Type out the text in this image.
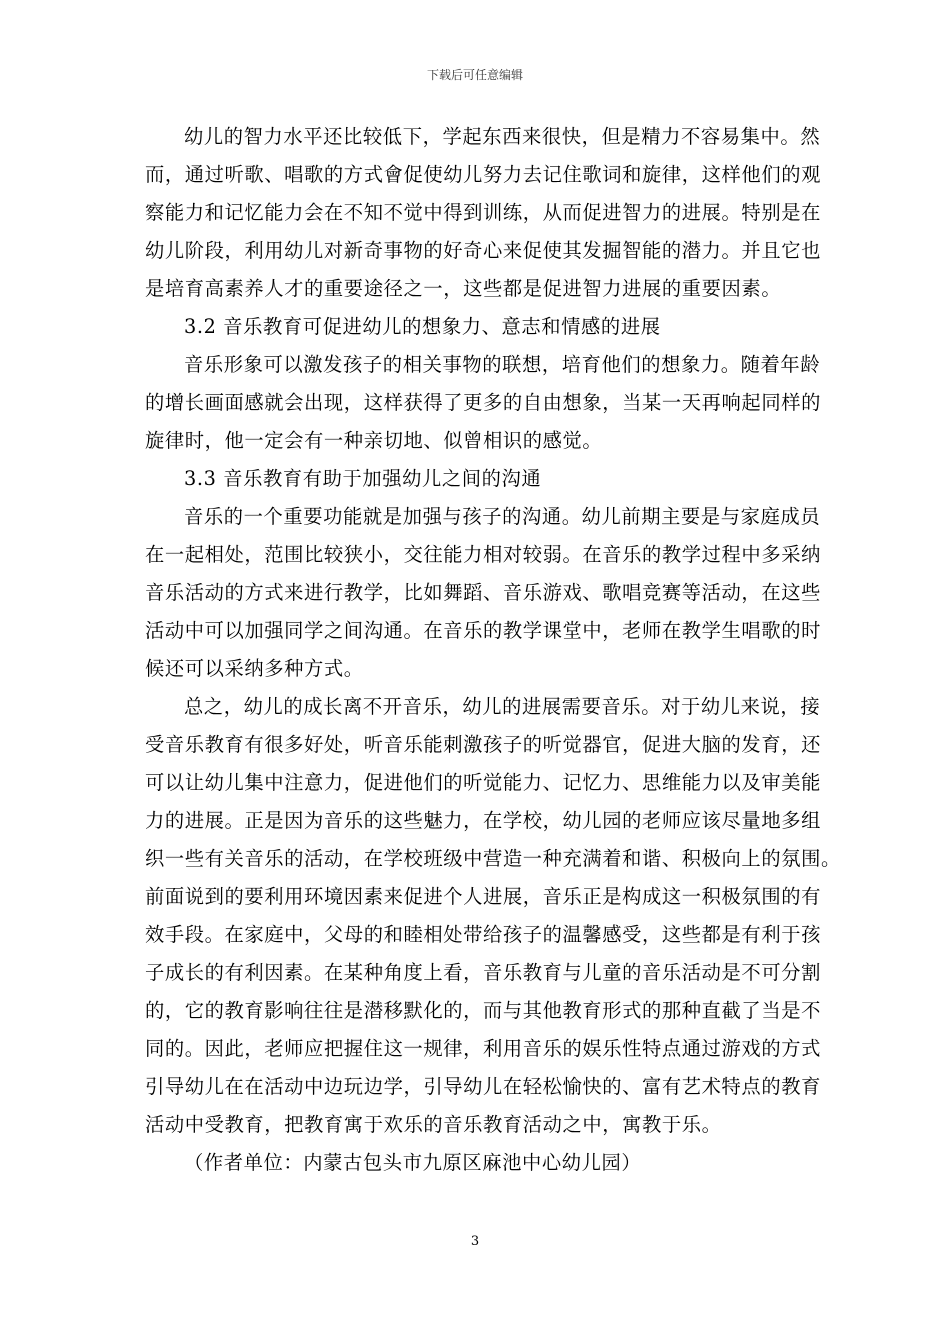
下载后可任意编辑
幼儿的智力水平还比较低下，学起东西来很快，但是精力不容易集中。然
而，通过听歌、唱歌的方式會促使幼儿努力去记住歌词和旋律，这样他们的观
察能力和记忆能力会在不知不觉中得到训练，从而促进智力的进展。特别是在
幼儿阶段，利用幼儿对新奇事物的好奇心来促使其发掘智能的潜力。并且它也
是培育高素养人才的重要途径之一，这些都是促进智力进展的重要因素。
3.2 音乐教育可促进幼儿的想象力、意志和情感的进展
音乐形象可以激发孩子的相关事物的联想，培育他们的想象力。随着年龄
的增长画面感就会出现，这样获得了更多的自由想象，当某一天再响起同样的
旋律时，他一定会有一种亲切地、似曾相识的感觉。
3.3 音乐教育有助于加强幼儿之间的沟通
音乐的一个重要功能就是加强与孩子的沟通。幼儿前期主要是与家庭成员
在一起相处，范围比较狭小，交往能力相对较弱。在音乐的教学过程中多采纳
音乐活动的方式来进行教学，比如舞蹈、音乐游戏、歌唱竞赛等活动，在这些
活动中可以加强同学之间沟通。在音乐的教学课堂中，老师在教学生唱歌的时
候还可以采纳多种方式。
总之，幼儿的成长离不开音乐，幼儿的进展需要音乐。对于幼儿来说，接
受音乐教育有很多好处，听音乐能刺激孩子的听觉器官，促进大脑的发育，还
可以让幼儿集中注意力，促进他们的听觉能力、记忆力、思维能力以及审美能
力的进展。正是因为音乐的这些魅力，在学校，幼儿园的老师应该尽量地多组
织一些有关音乐的活动，在学校班级中营造一种充满着和谐、积极向上的氛围。
前面说到的要利用环境因素来促进个人进展，音乐正是构成这一积极氛围的有
效手段。在家庭中，父母的和睦相处带给孩子的温馨感受，这些都是有利于孩
子成长的有利因素。在某种角度上看，音乐教育与儿童的音乐活动是不可分割
的，它的教育影响往往是潜移默化的，而与其他教育形式的那种直截了当是不
同的。因此，老师应把握住这一规律，利用音乐的娱乐性特点通过游戏的方式
引导幼儿在在活动中边玩边学，引导幼儿在轻松愉快的、富有艺术特点的教育
活动中受教育，把教育寓于欢乐的音乐教育活动之中，寓教于乐。
（作者单位：内蒙古包头市九原区麻池中心幼儿园）
3
